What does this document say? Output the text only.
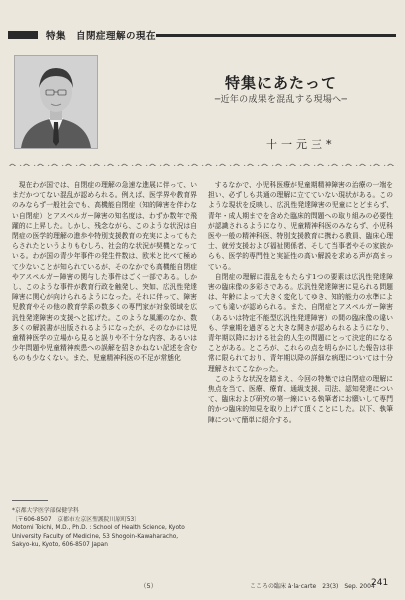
特集　自閉症理解の現在
特集にあたって
─近年の成果を混乱する現場へ─
十一元三*

現在わが国では、自閉症の理解の急速な進展に伴って、いまだかつてない混乱が認められる。例えば、医学界や教育界のみならず一般社会でも、高機能自閉症（知的障害を伴わない自閉症）とアスペルガー障害の知名度は、わずか数年で飛躍的に上昇した。しかし、残念ながら、このような状況は自閉症の医学的理解の進歩や特別支援教育の充実によってもたらされたというよりもむしろ、社会的な状況が契機となっている。わが国の青少年事件の発生件数は、欧米と比べて極めて少ないことが知られているが、そのなかでも高機能自閉症やアスペルガー障害の関与した事件はごく一部である。しかし、このような事件が教育行政を触発し、突如、広汎性発達障害に関心が向けられるようになった。それに伴って、障害児教育やその他の教育学系の数多くの専門家が対象領域を広汎性発達障害の支援へと拡げた。このような風潮のなか、数多くの解説書が出版されるようになったが、そのなかには児童精神医学の立場から見ると誤りや不十分な内容、あるいは少年問題や児童精神疾患への誤解を招きかねない記述を含むものも少なくない。また、児童精神科医の不足が常態化

するなかで、小児科医療が児童期精神障害の治療の一端を担い、必ずしも共通の理解に立てていない現状がある。このような現状を反映し、広汎性発達障害の児童にとどまらず、青年・成人期までを含めた臨床的問題への取り組みの必要性が認識されるようになり、児童精神科医のみならず、小児科医や一般の精神科医、特別支援教育に携わる教員、臨床心理士、就労支援および福祉関係者、そして当事者やその家族からも、医学的専門性と実証性の高い解説を求める声が高まっている。

自閉症の理解に混乱をもたらす1つの要素は広汎性発達障害の臨床像の多彩さである。広汎性発達障害に見られる問題は、年齢によって大きく変化してゆき、知的能力の水準によっても違いが認められる。また、自閉症とアスペルガー障害（あるいは特定不能型広汎性発達障害）の間の臨床像の違いも、学童期を過ぎると大きな開きが認められるようになり、青年期以降における社会的人生の問題にとって決定的になることがある。ところが、これらの点を明らかにした報告は非常に限られており、青年期以降の詳細な病理については十分理解されてこなかった。

このような状況を踏まえ、今回の特集では自閉症の理解に焦点を当て、医療、療育、通級支援、司法、認知発達について、臨床および研究の第一線にいる執筆者にお願いして専門的かつ臨床的知見を取り上げて頂くことにした。以下、執筆陣について簡単に紹介する。

*京都大学医学部保健学科
〔〒606-8507　京都市左京区聖護院川原町53〕
Motomi Toichi, M.D., Ph.D. : School of Health Science, Kyoto
University Faculty of Medicine, 53 Shogoin-Kawaharacho,
Sakyo-ku, Kyoto, 606-8507 Japan
（5）	こころの臨床 à·la·carte　23(3)　Sep. 2004
241
